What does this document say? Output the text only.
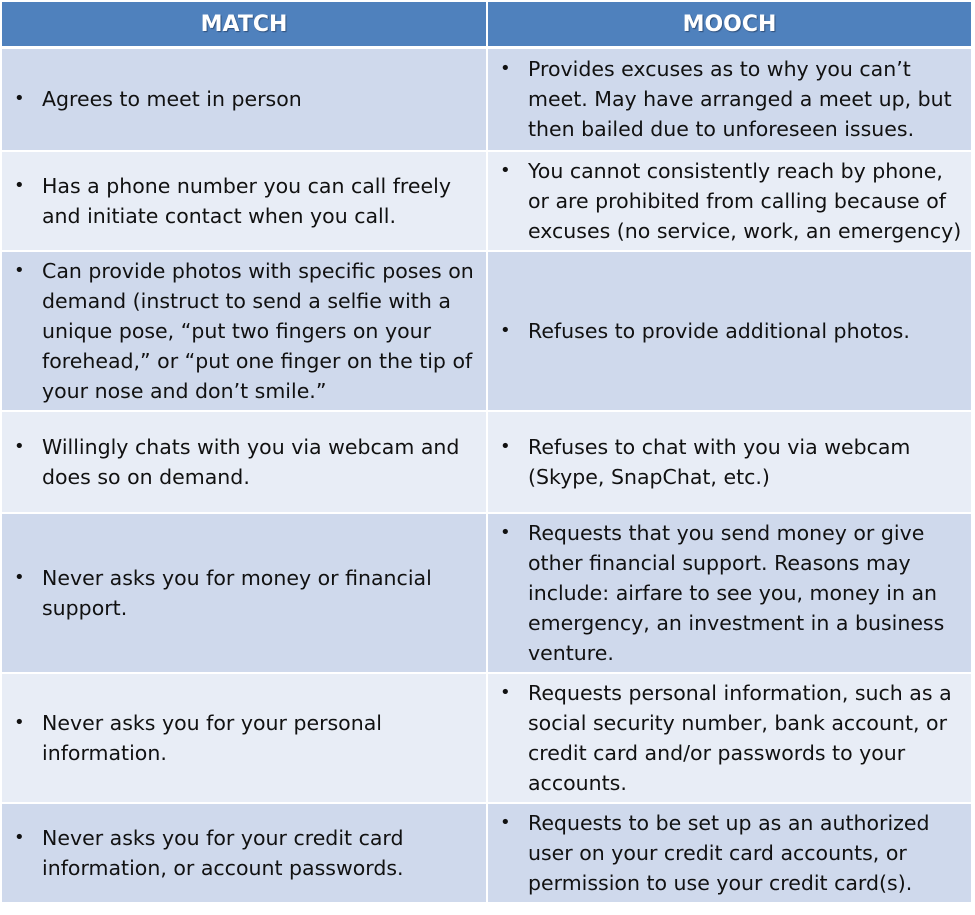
MATCH	MOOCH

• Agrees to meet in person	• Provides excuses as to why you can’t meet. May have arranged a meet up, but then bailed due to unforeseen issues.

• Has a phone number you can call freely and initiate contact when you call.	• You cannot consistently reach by phone, or are prohibited from calling because of excuses (no service, work, an emergency)

• Can provide photos with specific poses on demand (instruct to send a selfie with a unique pose, “put two fingers on your forehead,” or “put one finger on the tip of your nose and don’t smile.”	• Refuses to provide additional photos.

• Willingly chats with you via webcam and does so on demand.	• Refuses to chat with you via webcam (Skype, SnapChat, etc.)

• Never asks you for money or financial support.	• Requests that you send money or give other financial support. Reasons may include: airfare to see you, money in an emergency, an investment in a business venture.

• Never asks you for your personal information.	• Requests personal information, such as a social security number, bank account, or credit card and/or passwords to your accounts.

• Never asks you for your credit card information, or account passwords.	• Requests to be set up as an authorized user on your credit card accounts, or permission to use your credit card(s).
